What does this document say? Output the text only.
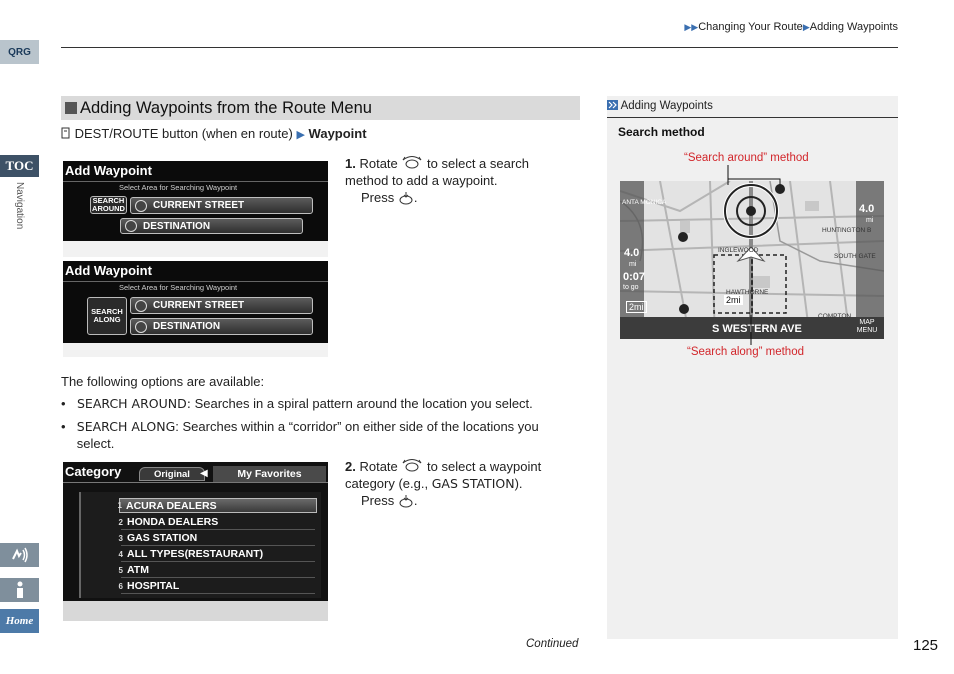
QRG
TOC
Navigation
Home
▶▶Changing Your Route▶Adding Waypoints
Adding Waypoints from the Route Menu
DEST/ROUTE button (when en route) ▶ Waypoint
Add Waypoint
Select Area for Searching Waypoint
SEARCH AROUND	CURRENT STREET
DESTINATION
Add Waypoint
Select Area for Searching Waypoint
SEARCH ALONG
CURRENT STREET
DESTINATION
1. Rotate to select a search method to add a waypoint.
Press .
The following options are available:
• SEARCH AROUND: Searches in a spiral pattern around the location you select.
• SEARCH ALONG: Searches within a “corridor” on either side of the locations you select.
Category	Original ◀	My Favorites
1 ACURA DEALERS
2 HONDA DEALERS
3 GAS STATION
4 ALL TYPES(RESTAURANT)
5 ATM
6 HOSPITAL
2. Rotate to select a waypoint category (e.g., GAS STATION).
Press .
Adding Waypoints
Search method
“Search around” method
“Search along” method
S WESTERN AVE
2mi
4.0
mi
0:07
to go
2mi
4.0
mi
MAP MENU
HUNTINGTON B
SOUTH GATE
COMPTON
INGLEWOOD
ANTA MONICA
HAWTHORNE
Continued	125
